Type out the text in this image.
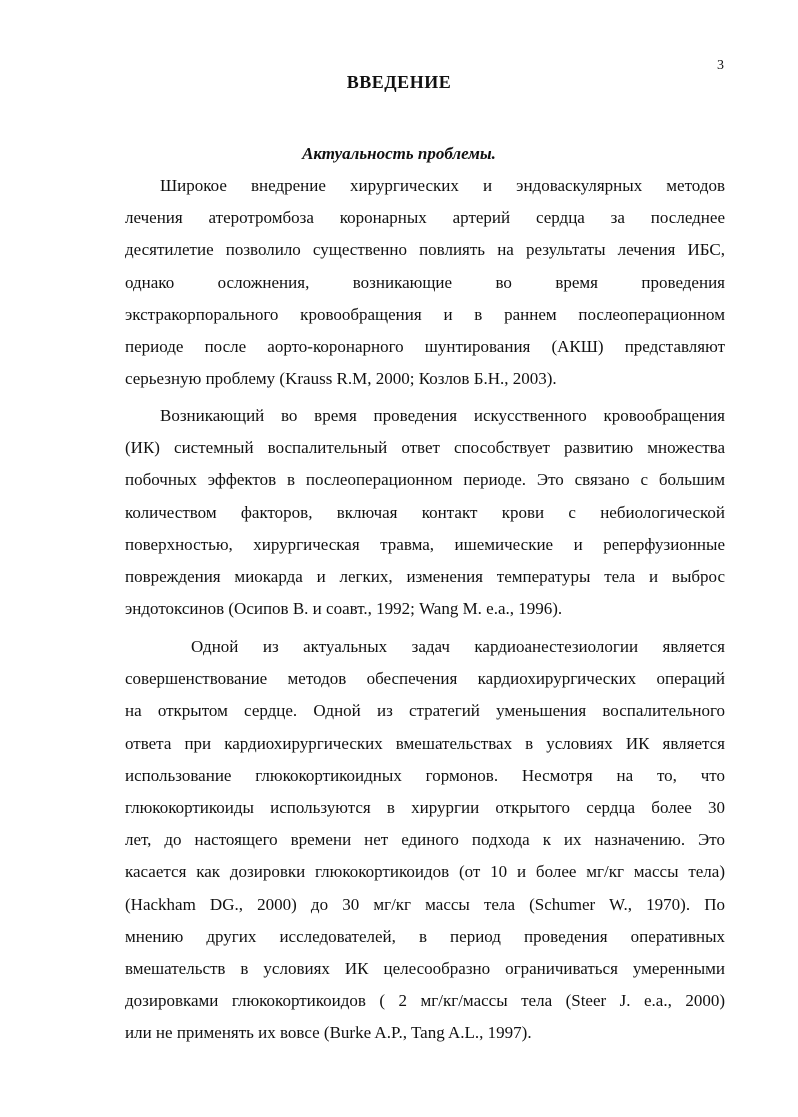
3
ВВЕДЕНИЕ
Актуальность проблемы.
Широкое внедрение хирургических и эндоваскулярных методов
лечения атеротромбоза коронарных артерий сердца за последнее
десятилетие позволило существенно повлиять на результаты лечения ИБС,
однако осложнения, возникающие во время проведения
экстракорпорального кровообращения и в раннем послеоперационном
периоде после аорто-коронарного шунтирования (АКШ) представляют
серьезную проблему (Krauss R.M, 2000; Козлов Б.Н., 2003).
Возникающий во время проведения искусственного кровообращения
(ИК) системный воспалительный ответ способствует развитию множества
побочных эффектов в послеоперационном периоде. Это связано с большим
количеством факторов, включая контакт крови с небиологической
поверхностью, хирургическая травма, ишемические и реперфузионные
повреждения миокарда и легких, изменения температуры тела и выброс
эндотоксинов (Осипов В. и соавт., 1992; Wang M. e.a., 1996).
Одной из актуальных задач кардиоанестезиологии является
совершенствование методов обеспечения кардиохирургических операций
на открытом сердце. Одной из стратегий уменьшения воспалительного
ответа при кардиохирургических вмешательствах в условиях ИК является
использование глюкокортикоидных гормонов. Несмотря на то, что
глюкокортикоиды используются в хирургии открытого сердца более 30
лет, до настоящего времени нет единого подхода к их назначению. Это
касается как дозировки глюкокортикоидов (от 10 и более мг/кг массы тела)
(Hackham DG., 2000) до 30 мг/кг массы тела (Schumer W., 1970). По
мнению других исследователей, в период проведения оперативных
вмешательств в условиях ИК целесообразно ограничиваться умеренными
дозировками глюкокортикоидов ( 2 мг/кг/массы тела (Steer J. e.a., 2000)
или не применять их вовсе (Burke A.P., Tang A.L., 1997).
